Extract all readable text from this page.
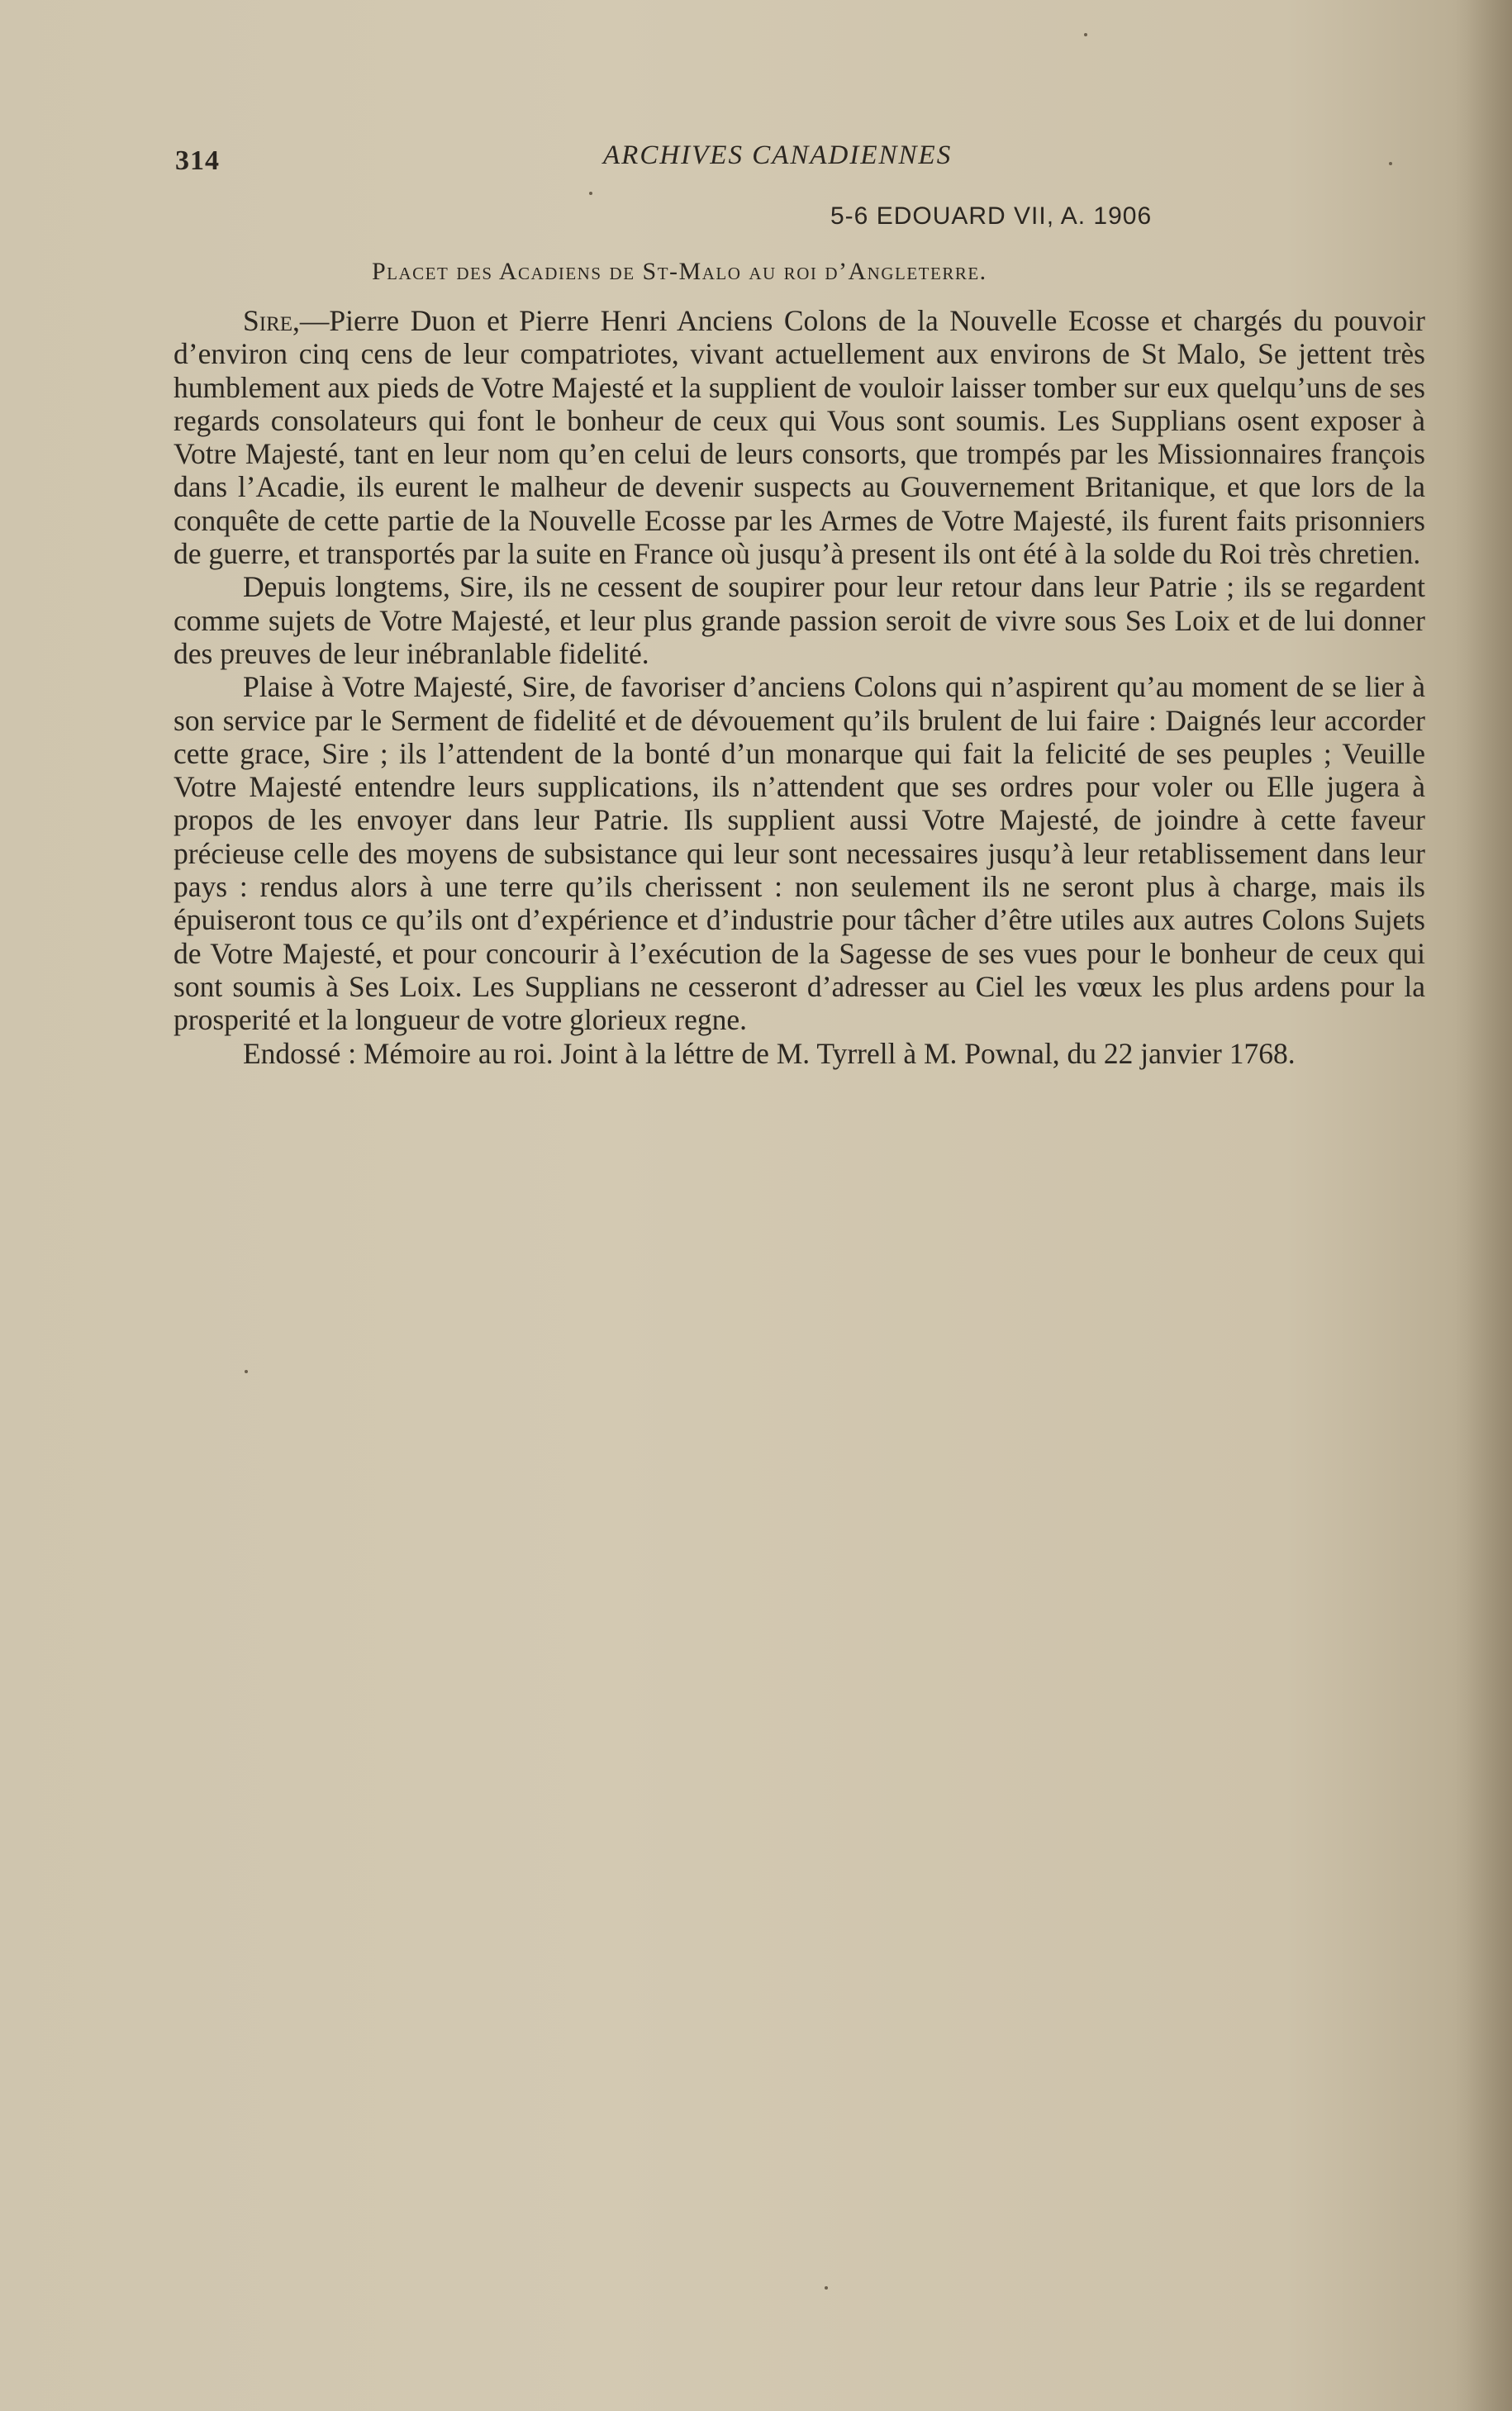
314	ARCHIVES CANADIENNES
5-6 EDOUARD VII, A. 1906
Placet des Acadiens de St-Malo au roi d’Angleterre.

Sire,—Pierre Duon et Pierre Henri Anciens Colons de la Nouvelle Ecosse et chargés du pouvoir d’environ cinq cens de leur compatriotes, vivant actuellement aux environs de St Malo, Se jettent très humblement aux pieds de Votre Majesté et la supplient de vouloir laisser tomber sur eux quelqu’uns de ses regards consolateurs qui font le bonheur de ceux qui Vous sont soumis. Les Supplians osent exposer à Votre Majesté, tant en leur nom qu’en celui de leurs consorts, que trompés par les Missionnaires françois dans l’Acadie, ils eurent le malheur de devenir suspects au Gouvernement Britanique, et que lors de la conquête de cette partie de la Nouvelle Ecosse par les Armes de Votre Majesté, ils furent faits prisonniers de guerre, et transportés par la suite en France où jusqu’à present ils ont été à la solde du Roi très chretien.

Depuis longtems, Sire, ils ne cessent de soupirer pour leur retour dans leur Patrie ; ils se regardent comme sujets de Votre Majesté, et leur plus grande passion seroit de vivre sous Ses Loix et de lui donner des preuves de leur inébranlable fidelité.

Plaise à Votre Majesté, Sire, de favoriser d’anciens Colons qui n’aspirent qu’au moment de se lier à son service par le Serment de fidelité et de dévouement qu’ils brulent de lui faire : Daignés leur accorder cette grace, Sire ; ils l’attendent de la bonté d’un monarque qui fait la felicité de ses peuples ; Veuille Votre Majesté entendre leurs supplications, ils n’attendent que ses ordres pour voler ou Elle jugera à propos de les envoyer dans leur Patrie. Ils supplient aussi Votre Majesté, de joindre à cette faveur précieuse celle des moyens de subsistance qui leur sont necessaires jusqu’à leur retablissement dans leur pays : rendus alors à une terre qu’ils cherissent : non seulement ils ne seront plus à charge, mais ils épuiseront tous ce qu’ils ont d’expérience et d’industrie pour tâcher d’être utiles aux autres Colons Sujets de Votre Majesté, et pour concourir à l’exécution de la Sagesse de ses vues pour le bonheur de ceux qui sont soumis à Ses Loix. Les Supplians ne cesseront d’adresser au Ciel les vœux les plus ardens pour la prosperité et la longueur de votre glorieux regne.

Endossé : Mémoire au roi. Joint à la léttre de M. Tyrrell à M. Pownal, du 22 janvier 1768.
